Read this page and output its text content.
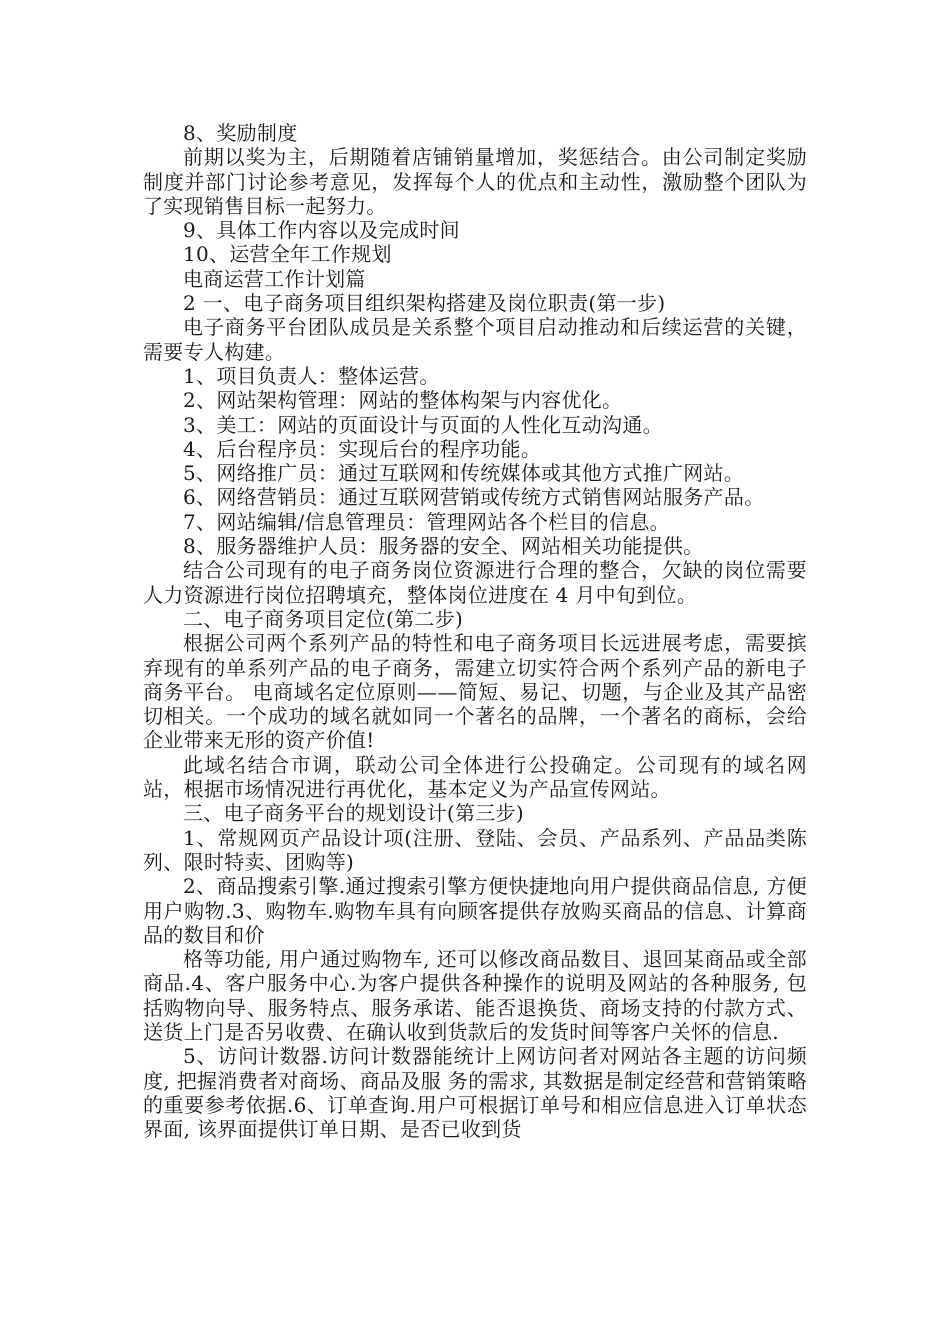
8、奖励制度

前期以奖为主，后期随着店铺销量增加，奖惩结合。由公司制定奖励制度并部门讨论参考意见，发挥每个人的优点和主动性，激励整个团队为了实现销售目标一起努力。

9、具体工作内容以及完成时间

10、运营全年工作规划

电商运营工作计划篇

2 一、电子商务项目组织架构搭建及岗位职责(第一步)

电子商务平台团队成员是关系整个项目启动推动和后续运营的关键，需要专人构建。

1、项目负责人：整体运营。

2、网站架构管理：网站的整体构架与内容优化。

3、美工：网站的页面设计与页面的人性化互动沟通。

4、后台程序员：实现后台的程序功能。

5、网络推广员：通过互联网和传统媒体或其他方式推广网站。

6、网络营销员：通过互联网营销或传统方式销售网站服务产品。

7、网站编辑/信息管理员：管理网站各个栏目的信息。

8、服务器维护人员：服务器的安全、网站相关功能提供。

结合公司现有的电子商务岗位资源进行合理的整合，欠缺的岗位需要人力资源进行岗位招聘填充，整体岗位进度在 4 月中旬到位。

二、电子商务项目定位(第二步)

根据公司两个系列产品的特性和电子商务项目长远进展考虑，需要摈弃现有的单系列产品的电子商务，需建立切实符合两个系列产品的新电子商务平台。 电商域名定位原则——简短、易记、切题，与企业及其产品密切相关。一个成功的域名就如同一个著名的品牌，一个著名的商标，会给企业带来无形的资产价值!

此域名结合市调，联动公司全体进行公投确定。公司现有的域名网站，根据市场情况进行再优化，基本定义为产品宣传网站。

三、电子商务平台的规划设计(第三步)

1、常规网页产品设计项(注册、登陆、会员、产品系列、产品品类陈列、限时特卖、团购等)

2、商品搜索引擎.通过搜索引擎方便快捷地向用户提供商品信息, 方便用户购物.3、购物车.购物车具有向顾客提供存放购买商品的信息、计算商品的数目和价

格等功能, 用户通过购物车, 还可以修改商品数目、退回某商品或全部商品.4、客户服务中心.为客户提供各种操作的说明及网站的各种服务, 包括购物向导、服务特点、服务承诺、能否退换货、商场支持的付款方式、送货上门是否另收费、在确认收到货款后的发货时间等客户关怀的信息.

5、访问计数器.访问计数器能统计上网访问者对网站各主题的访问频度, 把握消费者对商场、商品及服 务的需求, 其数据是制定经营和营销策略的重要参考依据.6、订单查询.用户可根据订单号和相应信息进入订单状态界面, 该界面提供订单日期、是否已收到货
